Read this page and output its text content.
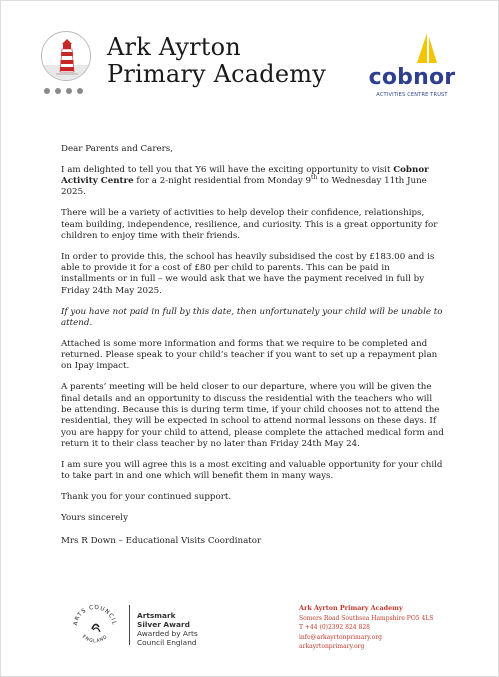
Ark Ayrton
Primary Academy	cobnor
ACTIVITIES CENTRE TRUST

Dear Parents and Carers,

I am delighted to tell you that Y6 will have the exciting opportunity to visit Cobnor Activity Centre for a 2-night residential from Monday 9th to Wednesday 11th June 2025.

There will be a variety of activities to help develop their confidence, relationships, team building, independence, resilience, and curiosity. This is a great opportunity for children to enjoy time with their friends.

In order to provide this, the school has heavily subsidised the cost by £183.00 and is able to provide it for a cost of £80 per child to parents. This can be paid in installments or in full – we would ask that we have the payment received in full by Friday 24th May 2025.

If you have not paid in full by this date, then unfortunately your child will be unable to attend.

Attached is some more information and forms that we require to be completed and returned. Please speak to your child’s teacher if you want to set up a repayment plan on Ipay impact.

A parents’ meeting will be held closer to our departure, where you will be given the final details and an opportunity to discuss the residential with the teachers who will be attending. Because this is during term time, if your child chooses not to attend the residential, they will be expected in school to attend normal lessons on these days. If you are happy for your child to attend, please complete the attached medical form and return it to their class teacher by no later than Friday 24th May 24.

I am sure you will agree this is a most exciting and valuable opportunity for your child to take part in and one which will benefit them in many ways.

Thank you for your continued support.

Yours sincerely

Mrs R Down – Educational Visits Coordinator

ARTS COUNCIL
ENGLAND
Artsmark
Silver Award
Awarded by Arts
Council England
Ark Ayrton Primary Academy
Somers Road Southsea Hampshire PO5 4LS
T +44 (0)2392 824 828
info@arkayrtonprimary.org
arkayrtonprimary.org
